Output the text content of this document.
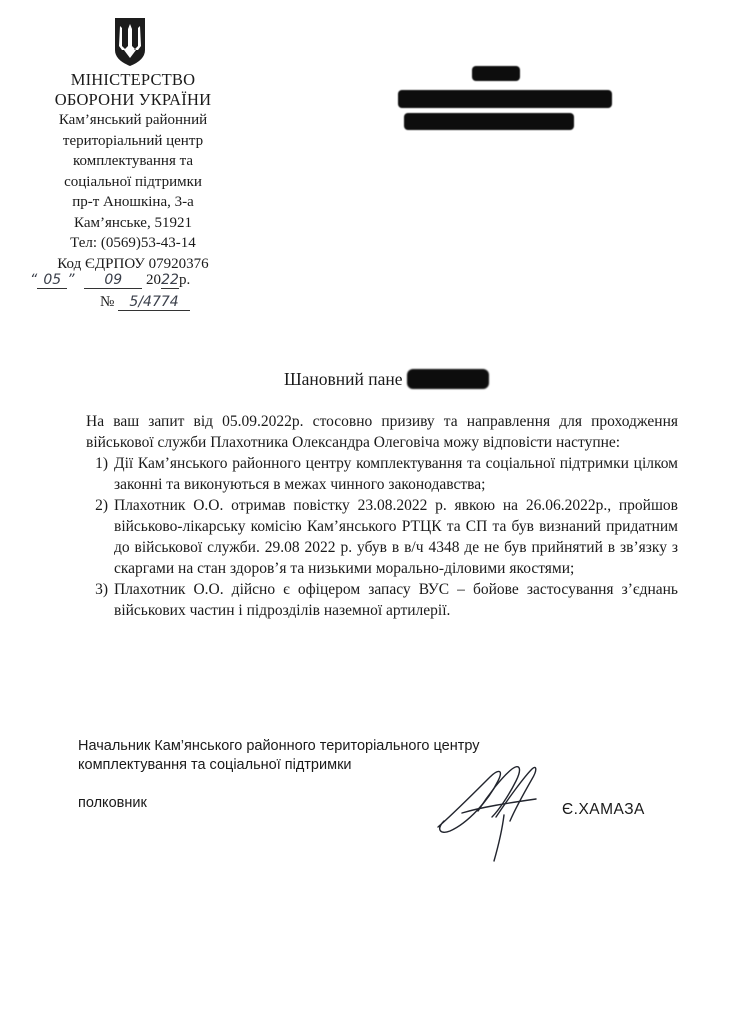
МІНІСТЕРСТВО
ОБОРОНИ УКРАЇНИ
Кам’янський районний
територіальний центр
комплектування та
соціальної підтримки
пр-т Аношкіна, 3-а
Кам’янське, 51921
Тел: (0569)53-43-14
Код ЄДРПОУ 07920376
“ 05 ” 09 2022р.
№ 5/4774
Шановний пане

На ваш запит від 05.09.2022р. стосовно призиву та направлення для проходження військової служби Плахотника Олександра Олеговіча можу відповісти наступне:

1) Дії Кам’янського районного центру комплектування та соціальної підтримки цілком законні та виконуються в межах чинного законодавства;
2) Плахотник О.О. отримав повістку 23.08.2022 р. явкою на 26.06.2022р., пройшов військово-лікарську комісію Кам’янського РТЦК та СП та був визнаний придатним до військової служби. 29.08 2022 р. убув в в/ч 4348 де не був прийнятий в зв’язку з скаргами на стан здоров’я та низькими морально-діловими якостями;
3) Плахотник О.О. дійсно є офіцером запасу ВУС – бойове застосування з’єднань військових частин і підрозділів наземної артилерії.
Начальник Кам’янського районного територіального центру
комплектування та соціальної підтримки
полковник	Є.ХАМАЗА
